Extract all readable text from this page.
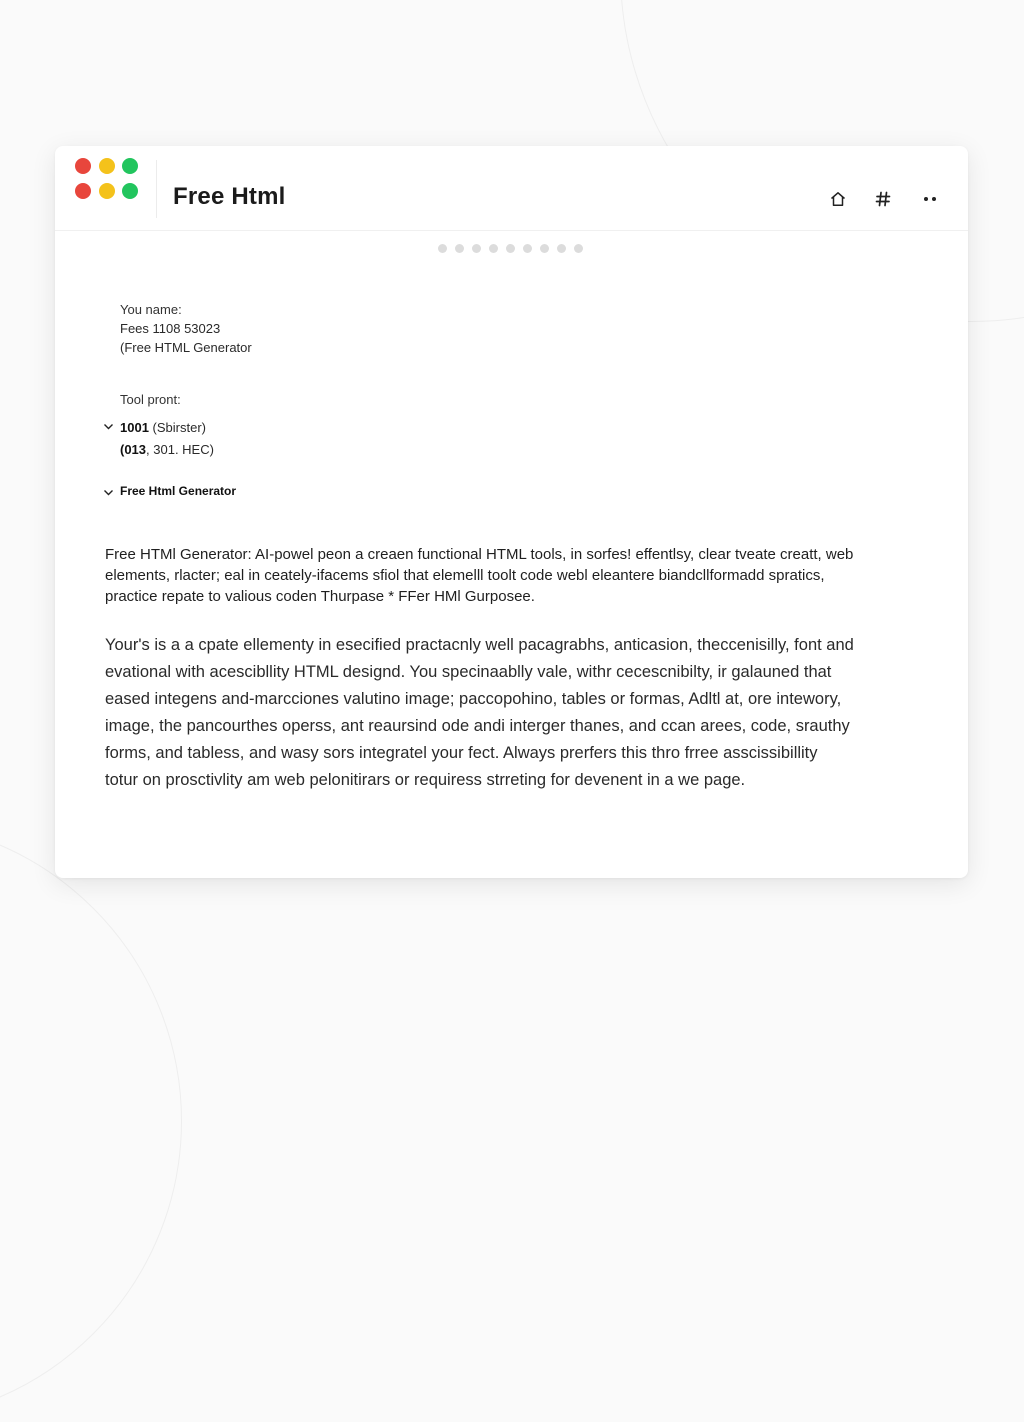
Free Html
You name:
Fees 1108 53023
(Free HTML Generator
Tool pront:
1001 (Sbirster)
(013, 301. HEC)
Free Html Generator
Free HTMl Generator: AI-powel peon a creaen functional HTML tools, in sorfes! effentlsy, clear tveate creatt, web
elements, rlacter; eal in ceately-ifacems sfiol that elemelll toolt code webl eleantere biandcllformadd spratics,
practice repate to valious coden Thurpase * FFer HMl Gurposee.
Your's is a a cpate ellementy in esecified practacnly well pacagrabhs, anticasion, theccenisilly, font and
evational with acescibllity HTML designd. You specinaablly vale, withr cecescnibilty, ir galauned that
eased integens and-marcciones valutino image; paccopohino, tables or formas, Adltl at, ore intewory,
image, the pancourthes operss, ant reaursind ode andi interger thanes, and ccan arees, code, srauthy
forms, and tabless, and wasy sors integratel your fect. Always prerfers this thro frree asscissibillity
totur on prosctivlity am web pelonitirars or requiress strreting for devenent in a we page.
